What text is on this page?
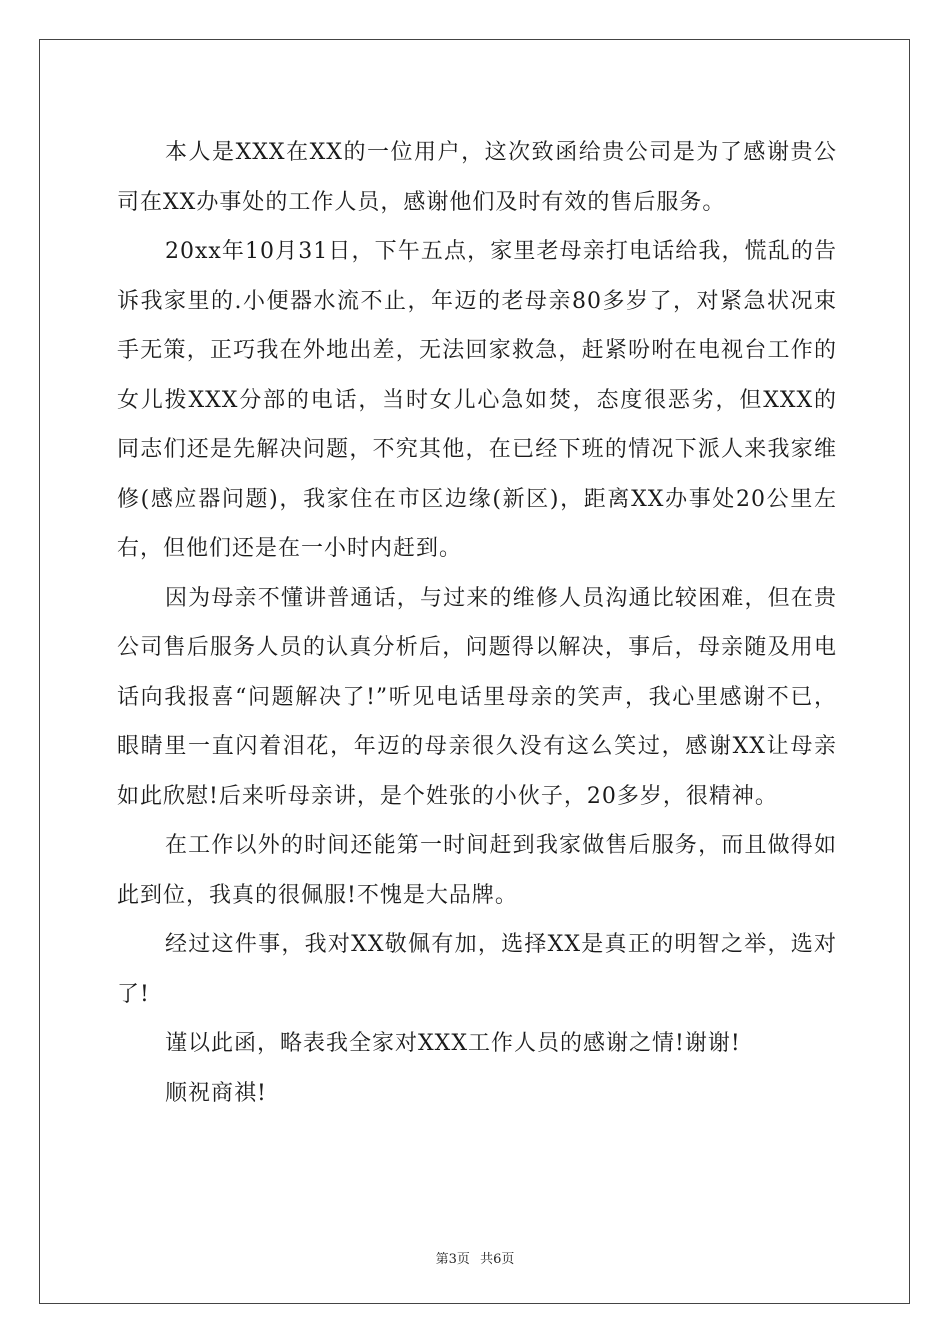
本人是XXX在XX的一位用户，这次致函给贵公司是为了感谢贵公司在XX办事处的工作人员，感谢他们及时有效的售后服务。

20xx年10月31日，下午五点，家里老母亲打电话给我，慌乱的告诉我家里的.小便器水流不止，年迈的老母亲80多岁了，对紧急状况束手无策，正巧我在外地出差，无法回家救急，赶紧吩咐在电视台工作的女儿拨XXX分部的电话，当时女儿心急如焚，态度很恶劣，但XXX的同志们还是先解决问题，不究其他，在已经下班的情况下派人来我家维修(感应器问题)，我家住在市区边缘(新区)，距离XX办事处20公里左右，但他们还是在一小时内赶到。

因为母亲不懂讲普通话，与过来的维修人员沟通比较困难，但在贵公司售后服务人员的认真分析后，问题得以解决，事后，母亲随及用电话向我报喜“问题解决了!”听见电话里母亲的笑声，我心里感谢不已，眼睛里一直闪着泪花，年迈的母亲很久没有这么笑过，感谢XX让母亲如此欣慰!后来听母亲讲，是个姓张的小伙子，20多岁，很精神。

在工作以外的时间还能第一时间赶到我家做售后服务，而且做得如此到位，我真的很佩服!不愧是大品牌。

经过这件事，我对XX敬佩有加，选择XX是真正的明智之举，选对了!

谨以此函，略表我全家对XXX工作人员的感谢之情!谢谢!

顺祝商祺!

第3页 共6页
